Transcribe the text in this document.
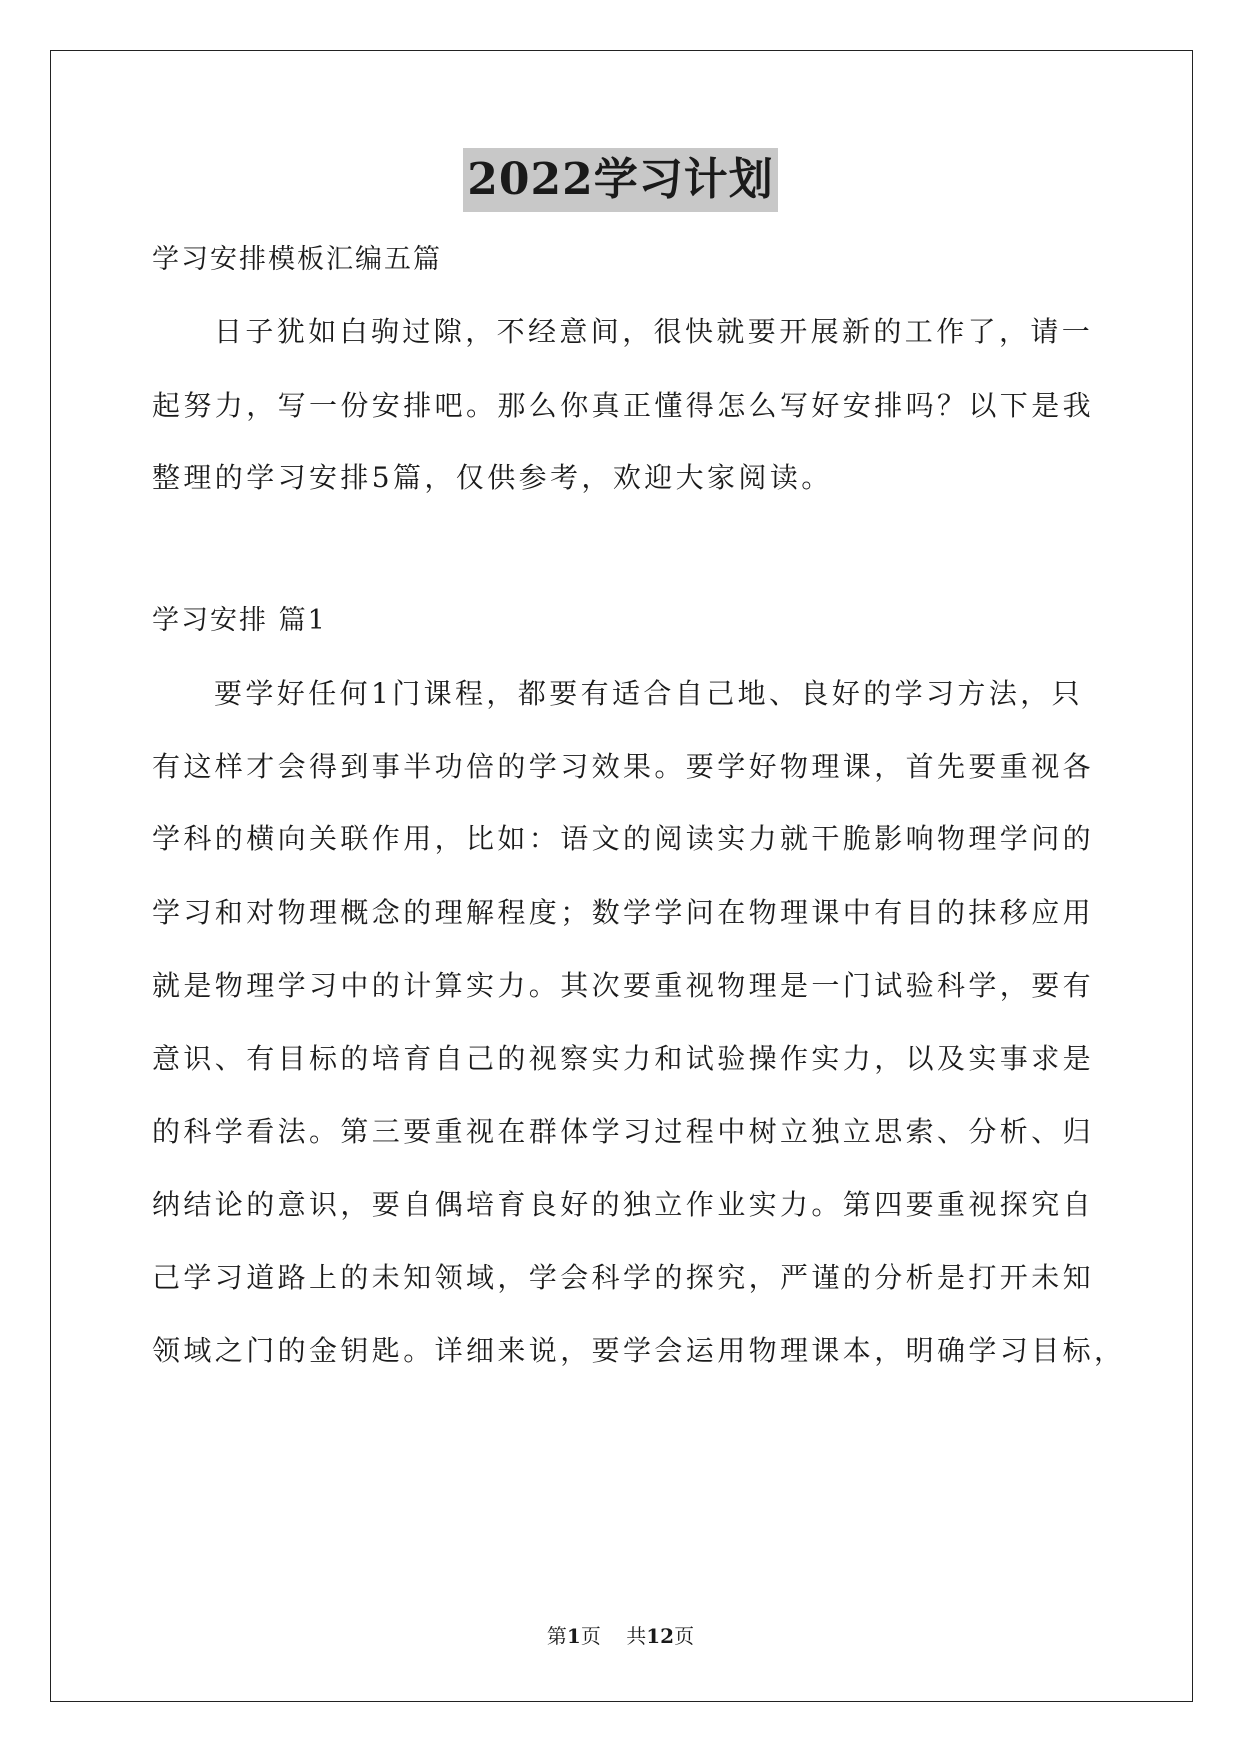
2022学习计划
学习安排模板汇编五篇
日子犹如白驹过隙，不经意间，很快就要开展新的工作了，请一
起努力，写一份安排吧。那么你真正懂得怎么写好安排吗？以下是我
整理的学习安排5篇，仅供参考，欢迎大家阅读。
学习安排 篇1
要学好任何1门课程，都要有适合自己地、良好的学习方法，只
有这样才会得到事半功倍的学习效果。要学好物理课，首先要重视各
学科的横向关联作用，比如：语文的阅读实力就干脆影响物理学问的
学习和对物理概念的理解程度；数学学问在物理课中有目的抹移应用
就是物理学习中的计算实力。其次要重视物理是一门试验科学，要有
意识、有目标的培育自己的视察实力和试验操作实力，以及实事求是
的科学看法。第三要重视在群体学习过程中树立独立思索、分析、归
纳结论的意识，要自偶培育良好的独立作业实力。第四要重视探究自
己学习道路上的未知领域，学会科学的探究，严谨的分析是打开未知
领域之门的金钥匙。详细来说，要学会运用物理课本，明确学习目标，
第1页 共12页
